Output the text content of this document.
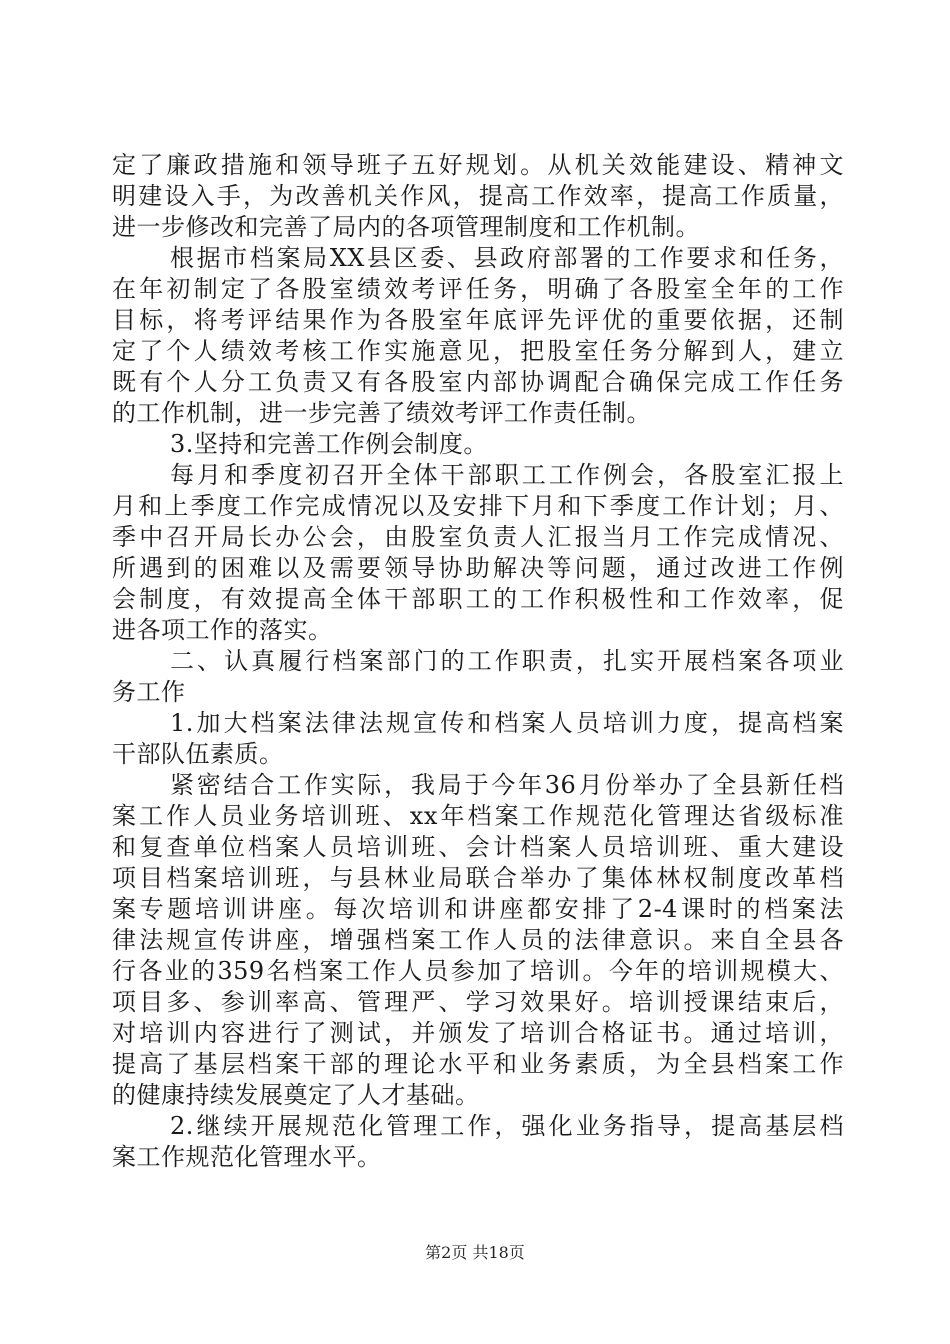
定了廉政措施和领导班子五好规划。从机关效能建设、精神文
明建设入手，为改善机关作风，提高工作效率，提高工作质量，
进一步修改和完善了局内的各项管理制度和工作机制。
根据市档案局XX县区委、县政府部署的工作要求和任务，
在年初制定了各股室绩效考评任务，明确了各股室全年的工作
目标，将考评结果作为各股室年底评先评优的重要依据，还制
定了个人绩效考核工作实施意见，把股室任务分解到人，建立
既有个人分工负责又有各股室内部协调配合确保完成工作任务
的工作机制，进一步完善了绩效考评工作责任制。
3.坚持和完善工作例会制度。
每月和季度初召开全体干部职工工作例会，各股室汇报上
月和上季度工作完成情况以及安排下月和下季度工作计划；月、
季中召开局长办公会，由股室负责人汇报当月工作完成情况、
所遇到的困难以及需要领导协助解决等问题，通过改进工作例
会制度，有效提高全体干部职工的工作积极性和工作效率，促
进各项工作的落实。
二、认真履行档案部门的工作职责，扎实开展档案各项业
务工作
1.加大档案法律法规宣传和档案人员培训力度，提高档案
干部队伍素质。
紧密结合工作实际，我局于今年36月份举办了全县新任档
案工作人员业务培训班、xx年档案工作规范化管理达省级标准
和复查单位档案人员培训班、会计档案人员培训班、重大建设
项目档案培训班，与县林业局联合举办了集体林权制度改革档
案专题培训讲座。每次培训和讲座都安排了2-4课时的档案法
律法规宣传讲座，增强档案工作人员的法律意识。来自全县各
行各业的359名档案工作人员参加了培训。今年的培训规模大、
项目多、参训率高、管理严、学习效果好。培训授课结束后，
对培训内容进行了测试，并颁发了培训合格证书。通过培训，
提高了基层档案干部的理论水平和业务素质，为全县档案工作
的健康持续发展奠定了人才基础。
2.继续开展规范化管理工作，强化业务指导，提高基层档
案工作规范化管理水平。
第2页 共18页
